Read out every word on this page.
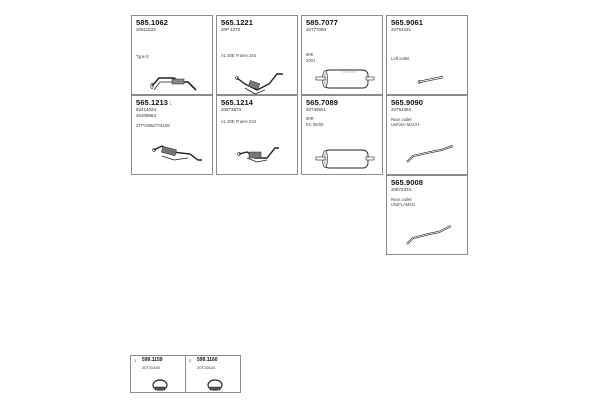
585.1062
20611533
Type E
565.1221
20P 4370
AL 30E Frame 244
585.7077
20777080
80K
2001
565.9061
20754331
Left outlet
565.12131
82414024
20208663
ZTP1996ZT01199
565.1214
20873873
AL 30E Frame 234
565.7089
20746501
80R
EC 95/06
565.9090
20754353
Rear outlet
Uniform MACH
565.9008
20872333
Rear outlet
UNIFLAM4G
1 599.1159
20T10440
2 599.1160
20T10624
